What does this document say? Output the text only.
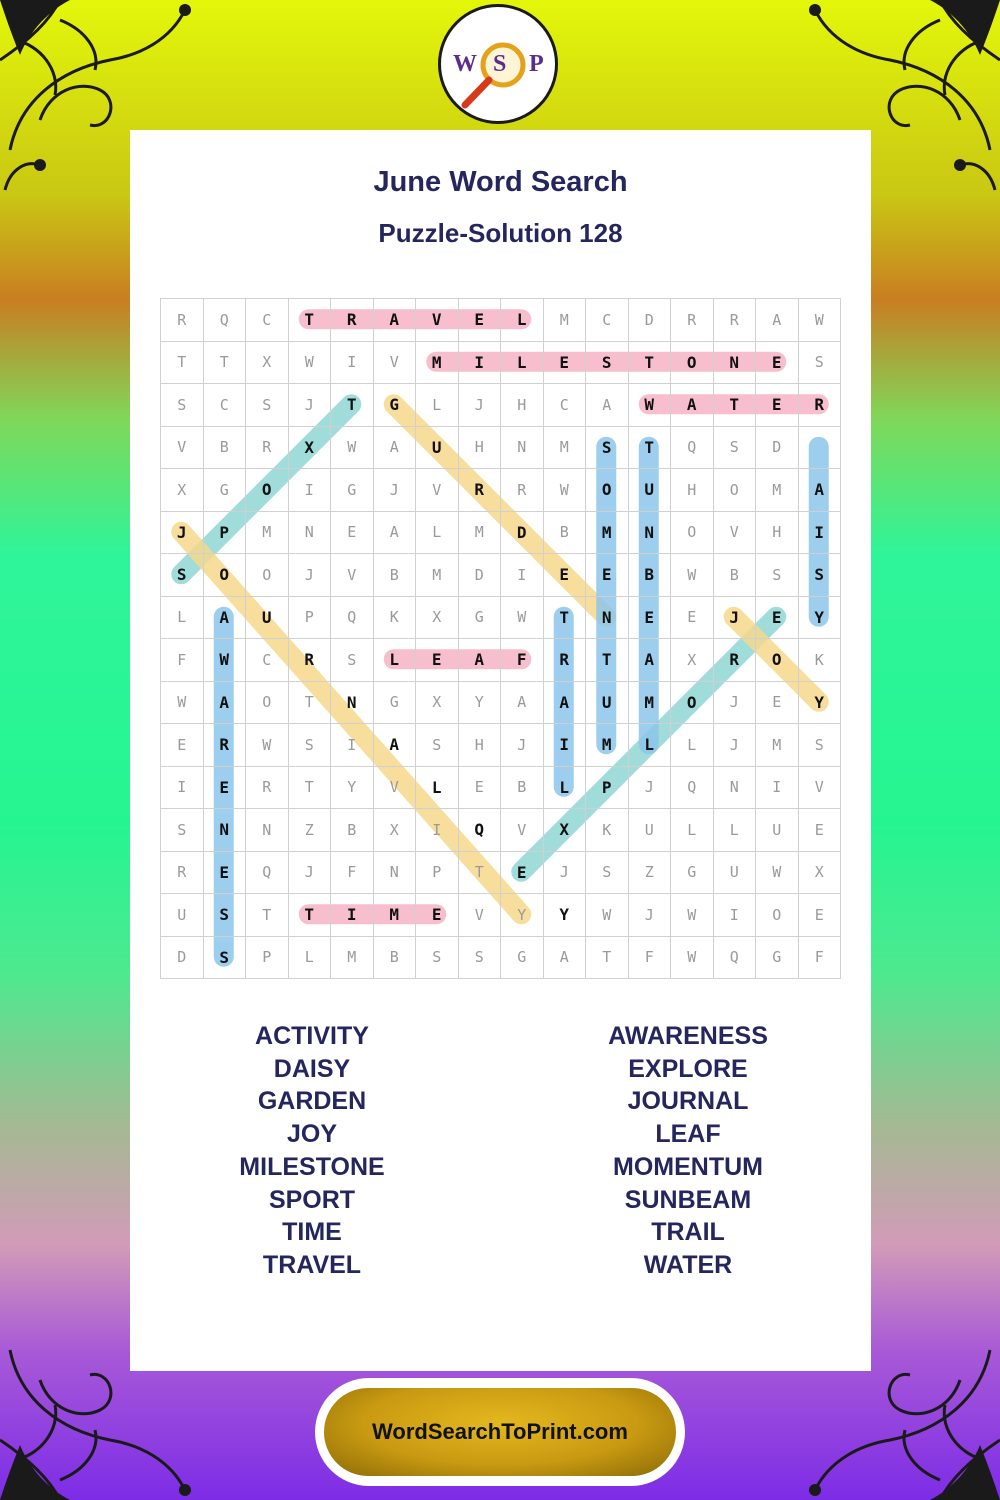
W S P
June Word Search
Puzzle-Solution 128
R	Q	C	T	R	A	V	E	L	M	C	D	R	R	A	W
T	T	X	W	I	V	M	I	L	E	S	T	O	N	E	S
S	C	S	J	T	G	L	J	H	C	A	W	A	T	E	R
V	B	R	X	W	A	U	H	N	M	S	T	Q	S	D
X	G	O	I	G	J	V	R	R	W	O	U	H	O	M	A
J	P	M	N	E	A	L	M	D	B	M	N	O	V	H	I
S	O	O	J	V	B	M	D	I	E	E	B	W	B	S	S
L	A	U	P	Q	K	X	G	W	T	N	E	E	J	E	Y
F	W	C	R	S	L	E	A	F	R	T	A	X	R	O	K
W	A	O	T	N	G	X	Y	A	A	U	M	O	J	E	Y
E	R	W	S	I	A	S	H	J	I	M	L	L	J	M	S
I	E	R	T	Y	V	L	E	B	L	P	J	Q	N	I	V
S	N	N	Z	B	X	I	Q	V	X	K	U	L	L	U	E
R	E	Q	J	F	N	P	T	E	J	S	Z	G	U	W	X
U	S	T	T	I	M	E	V	Y	Y	W	J	W	I	O	E
D	S	P	L	M	B	S	S	G	A	T	F	W	Q	G	F
ACTIVITY
DAISY
GARDEN
JOY
MILESTONE
SPORT
TIME
TRAVEL
AWARENESS
EXPLORE
JOURNAL
LEAF
MOMENTUM
SUNBEAM
TRAIL
WATER
WordSearchToPrint.com
